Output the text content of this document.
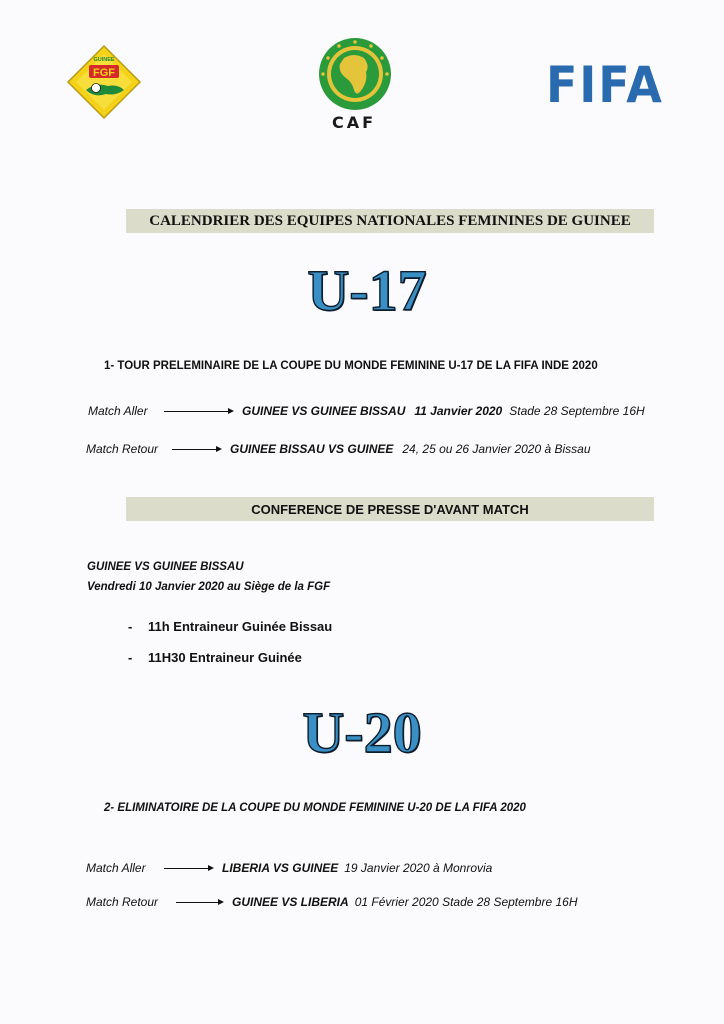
FGF
GUINEE
CAF
FIFA
CALENDRIER DES EQUIPES NATIONALES FEMININES DE GUINEE
U-17
1- TOUR PRELEMINAIRE DE LA COUPE DU MONDE FEMININE U-17 DE LA FIFA INDE 2020
Match Aller	GUINEE VS GUINEE BISSAU 11 Janvier 2020 Stade 28 Septembre 16H
Match Retour	GUINEE BISSAU VS GUINEE 24, 25 ou 26 Janvier 2020 à Bissau
CONFERENCE DE PRESSE D'AVANT MATCH
GUINEE VS GUINEE BISSAU
Vendredi 10 Janvier 2020 au Siège de la FGF
-	11h Entraineur Guinée Bissau
-	11H30 Entraineur Guinée
U-20
2- ELIMINATOIRE DE LA COUPE DU MONDE FEMININE U-20 DE LA FIFA 2020
Match Aller	LIBERIA VS GUINEE 19 Janvier 2020 à Monrovia
Match Retour	GUINEE VS LIBERIA 01 Février 2020 Stade 28 Septembre 16H
